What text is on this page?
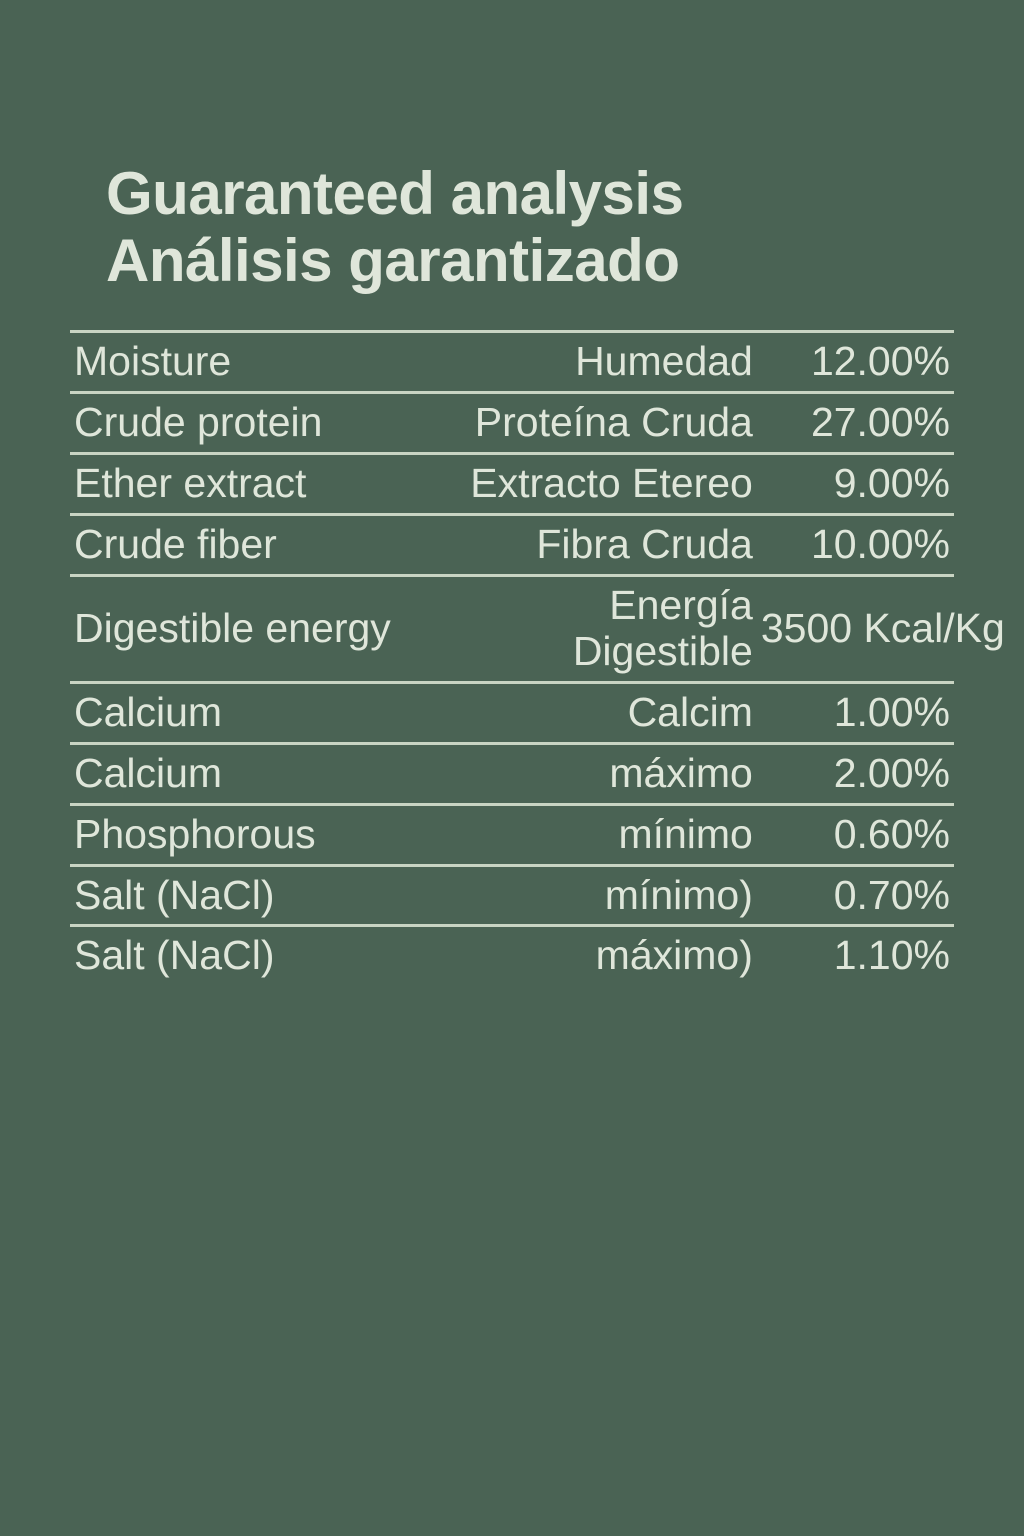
Guaranteed analysis
Análisis garantizado
Moisture	Humedad	12.00%
Crude protein	Proteína Cruda	27.00%
Ether extract	Extracto Etereo	9.00%
Crude fiber	Fibra Cruda	10.00%
Digestible energy	Energía Digestible	3500 Kcal/Kg
Calcium	Calcim	1.00%
Calcium	máximo	2.00%
Phosphorous	mínimo	0.60%
Salt (NaCl)	mínimo)	0.70%
Salt (NaCl)	máximo)	1.10%
